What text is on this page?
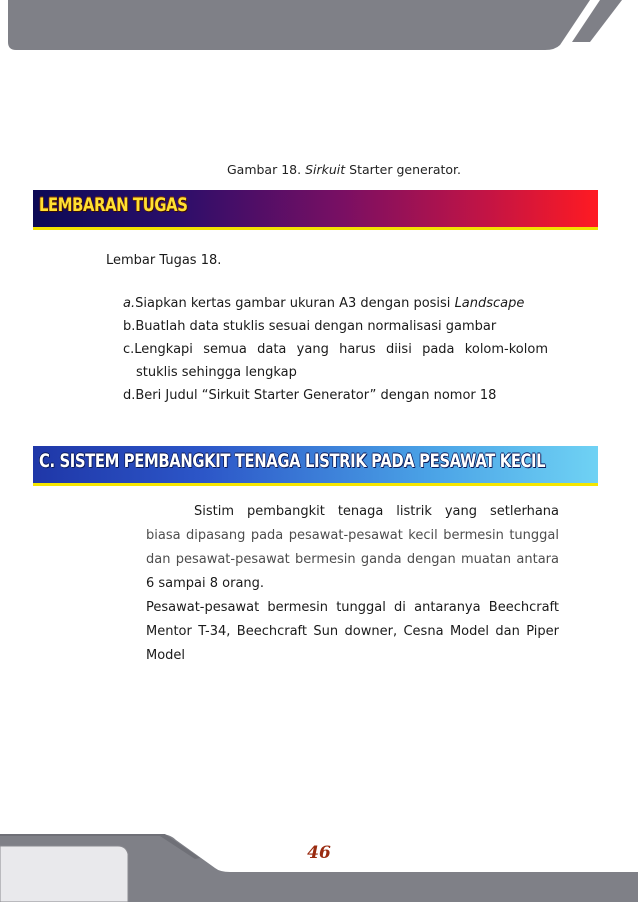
Gambar 18. Sirkuit Starter generator.
LEMBARAN TUGAS
Lembar Tugas 18.
a. Siapkan kertas gambar ukuran A3 dengan posisi Landscape
b. Buatlah data stuklis sesuai dengan normalisasi gambar
c. Lengkapi semua data yang harus diisi pada kolom-kolom
stuklis sehingga lengkap
d. Beri Judul “Sirkuit Starter Generator” dengan nomor 18
C. SISTEM PEMBANGKIT TENAGA LISTRIK PADA PESAWAT KECIL
Sistim pembangkit tenaga listrik yang setlerhana
biasa dipasang pada pesawat-pesawat kecil bermesin tunggal
dan pesawat-pesawat bermesin ganda dengan muatan antara
6 sampai 8 orang.
Pesawat-pesawat bermesin tunggal di antaranya Beechcraft
Mentor T-34, Beechcraft Sun downer, Cesna Model dan Piper
Model
46
